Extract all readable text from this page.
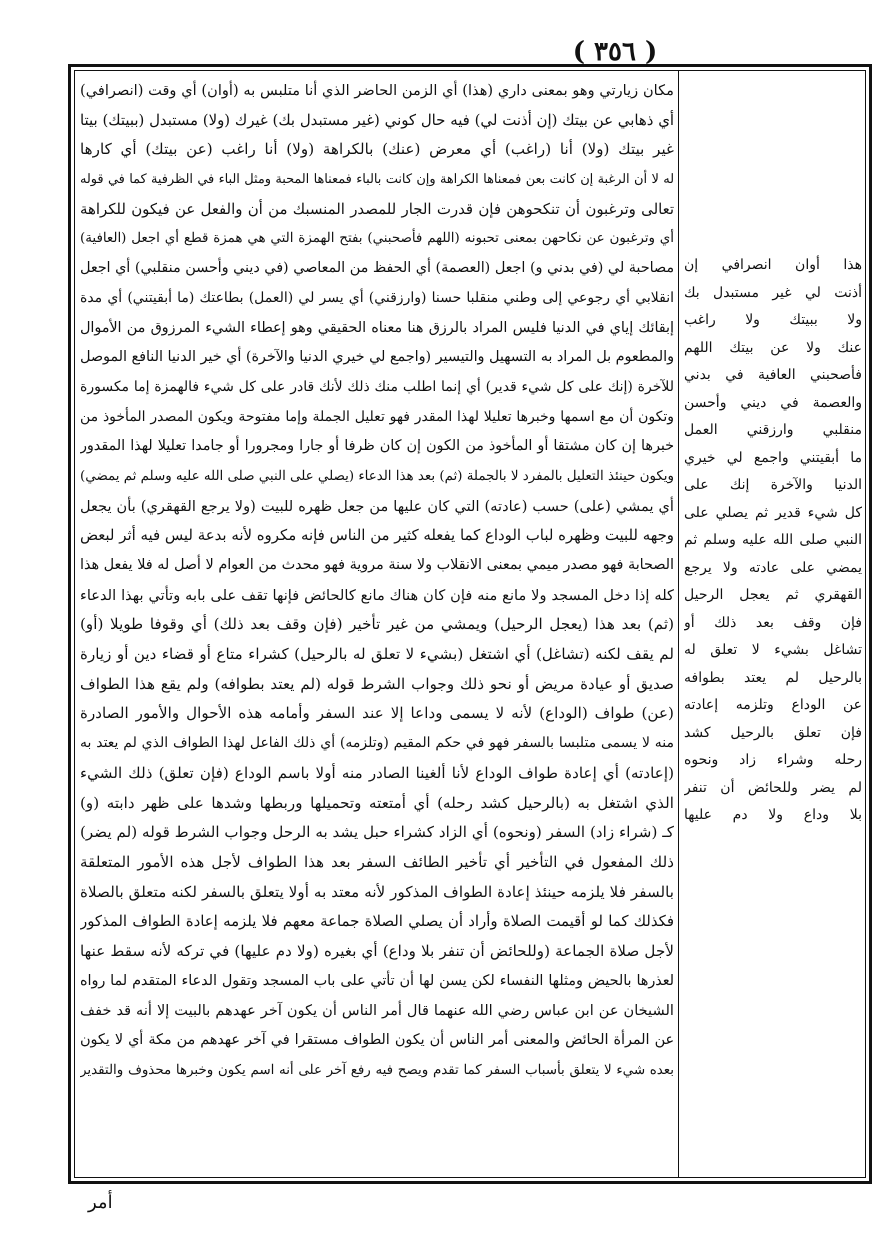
( ٣٥٦ )
مكان زيارتي وهو بمعنى داري (هذا) أي الزمن الحاضر الذي أنا متلبس به (أوان) أي وقت (انصرافي)
أي ذهابي عن بيتك (إن أذنت لي) فيه حال كوني (غير مستبدل بك) غيرك (ولا) مستبدل (ببيتك) بيتا
غير بيتك (ولا) أنا (راغب) أي معرض (عنك) بالكراهة (ولا) أنا راغب (عن بيتك) أي كارها
له لا أن الرغبة إن كانت بعن فمعناها الكراهة وإن كانت بالباء فمعناها المحبة ومثل الباء في الظرفية كما في قوله
تعالى وترغبون أن تنكحوهن فإن قدرت الجار للمصدر المنسبك من أن والفعل عن فيكون للكراهة
أي وترغبون عن نكاحهن بمعنى تحبونه (اللهم فأصحبني) بفتح الهمزة التي هي همزة قطع أي اجعل (العافية)
مصاحبة لي (في بدني و) اجعل (العصمة) أي الحفظ من المعاصي (في ديني وأحسن منقلبي) أي اجعل
انقلابي أي رجوعي إلى وطني منقلبا حسنا (وارزقني) أي يسر لي (العمل) بطاعتك (ما أبقيتني) أي مدة
إبقائك إياي في الدنيا فليس المراد بالرزق هنا معناه الحقيقي وهو إعطاء الشيء المرزوق من الأموال
والمطعوم بل المراد به التسهيل والتيسير (واجمع لي خيري الدنيا والآخرة) أي خير الدنيا النافع الموصل
للآخرة (إنك على كل شيء قدير) أي إنما اطلب منك ذلك لأنك قادر على كل شيء فالهمزة إما مكسورة
وتكون أن مع اسمها وخبرها تعليلا لهذا المقدر فهو تعليل الجملة وإما مفتوحة ويكون المصدر المأخوذ من
خبرها إن كان مشتقا أو المأخوذ من الكون إن كان ظرفا أو جارا ومجرورا أو جامدا تعليلا لهذا المقدور
ويكون حينئذ التعليل بالمفرد لا بالجملة (ثم) بعد هذا الدعاء (يصلي على النبي صلى الله عليه وسلم ثم يمضي)
أي يمشي (على) حسب (عادته) التي كان عليها من جعل ظهره للبيت (ولا يرجع القهقري) بأن يجعل
وجهه للبيت وظهره لباب الوداع كما يفعله كثير من الناس فإنه مكروه لأنه بدعة ليس فيه أثر لبعض
الصحابة فهو مصدر ميمي بمعنى الانقلاب ولا سنة مروية فهو محدث من العوام لا أصل له فلا يفعل هذا
كله إذا دخل المسجد ولا مانع منه فإن كان هناك مانع كالحائض فإنها تقف على بابه وتأتي بهذا الدعاء
(ثم) بعد هذا (يعجل الرحيل) ويمشي من غير تأخير (فإن وقف بعد ذلك) أي وقوفا طويلا (أو)
لم يقف لكنه (تشاغل) أي اشتغل (بشيء لا تعلق له بالرحيل) كشراء متاع أو قضاء دين أو زيارة
صديق أو عيادة مريض أو نحو ذلك وجواب الشرط قوله (لم يعتد بطوافه) ولم يقع هذا الطواف
(عن) طواف (الوداع) لأنه لا يسمى وداعا إلا عند السفر وأمامه هذه الأحوال والأمور الصادرة
منه لا يسمى متلبسا بالسفر فهو في حكم المقيم (وتلزمه) أي ذلك الفاعل لهذا الطواف الذي لم يعتد به
(إعادته) أي إعادة طواف الوداع لأنا ألغينا الصادر منه أولا باسم الوداع (فإن تعلق) ذلك الشيء
الذي اشتغل به (بالرحيل كشد رحله) أي أمتعته وتحميلها وربطها وشدها على ظهر دابته (و)
كـ (شراء زاد) السفر (ونحوه) أي الزاد كشراء حبل يشد به الرحل وجواب الشرط قوله (لم يضر)
ذلك المفعول في التأخير أي تأخير الطائف السفر بعد هذا الطواف لأجل هذه الأمور المتعلقة
بالسفر فلا يلزمه حينئذ إعادة الطواف المذكور لأنه معتد به أولا يتعلق بالسفر لكنه متعلق بالصلاة
فكذلك كما لو أقيمت الصلاة وأراد أن يصلي الصلاة جماعة معهم فلا يلزمه إعادة الطواف المذكور
لأجل صلاة الجماعة (وللحائض أن تنفر بلا وداع) أي بغيره (ولا دم عليها) في تركه لأنه سقط عنها
لعذرها بالحيض ومثلها النفساء لكن يسن لها أن تأتي على باب المسجد وتقول الدعاء المتقدم لما رواه
الشيخان عن ابن عباس رضي الله عنهما قال أمر الناس أن يكون آخر عهدهم بالبيت إلا أنه قد خفف
عن المرأة الحائض والمعنى أمر الناس أن يكون الطواف مستقرا في آخر عهدهم من مكة أي لا يكون
بعده شيء لا يتعلق بأسباب السفر كما تقدم ويصح فيه رفع آخر على أنه اسم يكون وخبرها محذوف والتقدير
هذا أوان انصرافي إن
أذنت لي غير مستبدل بك
ولا ببيتك ولا راغب
عنك ولا عن بيتك اللهم
فأصحبني العافية في بدني
والعصمة في ديني وأحسن
منقلبي وارزقني العمل
ما أبقيتني واجمع لي خيري
الدنيا والآخرة إنك على
كل شيء قدير ثم يصلي على
النبي صلى الله عليه وسلم ثم
يمضي على عادته ولا يرجع
القهقري ثم يعجل الرحيل
فإن وقف بعد ذلك أو
تشاغل بشيء لا تعلق له
بالرحيل لم يعتد بطوافه
عن الوداع وتلزمه إعادته
فإن تعلق بالرحيل كشد
رحله وشراء زاد ونحوه
لم يضر وللحائض أن تنفر
بلا وداع ولا دم عليها
أمر
